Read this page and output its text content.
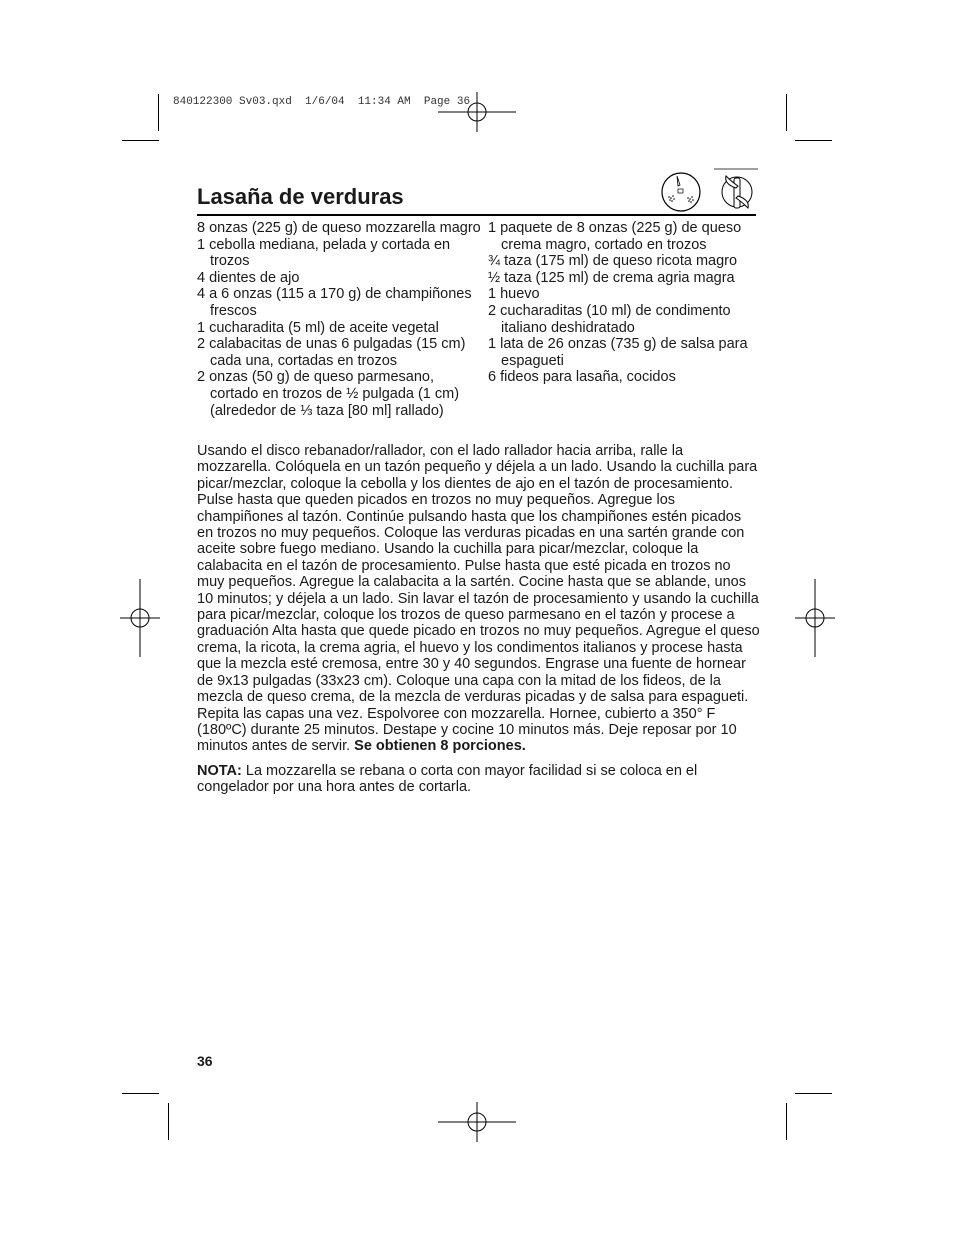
840122300 Sv03.qxd  1/6/04  11:34 AM  Page 36
Lasaña de verduras
8 onzas (225 g) de queso mozzarella magro
1 cebolla mediana, pelada y cortada en trozos
4 dientes de ajo
4 a 6 onzas (115 a 170 g) de champiñones frescos
1 cucharadita (5 ml) de aceite vegetal
2 calabacitas de unas 6 pulgadas (15 cm) cada una, cortadas en trozos
2 onzas (50 g) de queso parmesano, cortado en trozos de ½ pulgada (1 cm) (alrededor de ⅓ taza [80 ml] rallado)
1 paquete de 8 onzas (225 g) de queso crema magro, cortado en trozos
¾ taza (175 ml) de queso ricota magro
½ taza (125 ml) de crema agria magra
1 huevo
2 cucharaditas (10 ml) de condimento italiano deshidratado
1 lata de 26 onzas (735 g) de salsa para espagueti
6 fideos para lasaña, cocidos

Usando el disco rebanador/rallador, con el lado rallador hacia arriba, ralle la mozzarella. Colóquela en un tazón pequeño y déjela a un lado. Usando la cuchilla para picar/mezclar, coloque la cebolla y los dientes de ajo en el tazón de procesamiento. Pulse hasta que queden picados en trozos no muy pequeños. Agregue los champiñones al tazón. Continúe pulsando hasta que los champiñones estén picados en trozos no muy pequeños. Coloque las verduras picadas en una sartén grande con aceite sobre fuego mediano. Usando la cuchilla para picar/mezclar, coloque la calabacita en el tazón de procesamiento. Pulse hasta que esté picada en trozos no muy pequeños. Agregue la calabacita a la sartén. Cocine hasta que se ablande, unos 10 minutos; y déjela a un lado. Sin lavar el tazón de procesamiento y usando la cuchilla para picar/mezclar, coloque los trozos de queso parmesano en el tazón y procese a graduación Alta hasta que quede picado en trozos no muy pequeños. Agregue el queso crema, la ricota, la crema agria, el huevo y los condimentos italianos y procese hasta que la mezcla esté cremosa, entre 30 y 40 segundos. Engrase una fuente de hornear de 9x13 pulgadas (33x23 cm). Coloque una capa con la mitad de los fideos, de la mezcla de queso crema, de la mezcla de verduras picadas y de salsa para espagueti. Repita las capas una vez. Espolvoree con mozzarella. Hornee, cubierto a 350° F (180ºC) durante 25 minutos. Destape y cocine 10 minutos más. Deje reposar por 10 minutos antes de servir. Se obtienen 8 porciones.

NOTA: La mozzarella se rebana o corta con mayor facilidad si se coloca en el congelador por una hora antes de cortarla.

36
